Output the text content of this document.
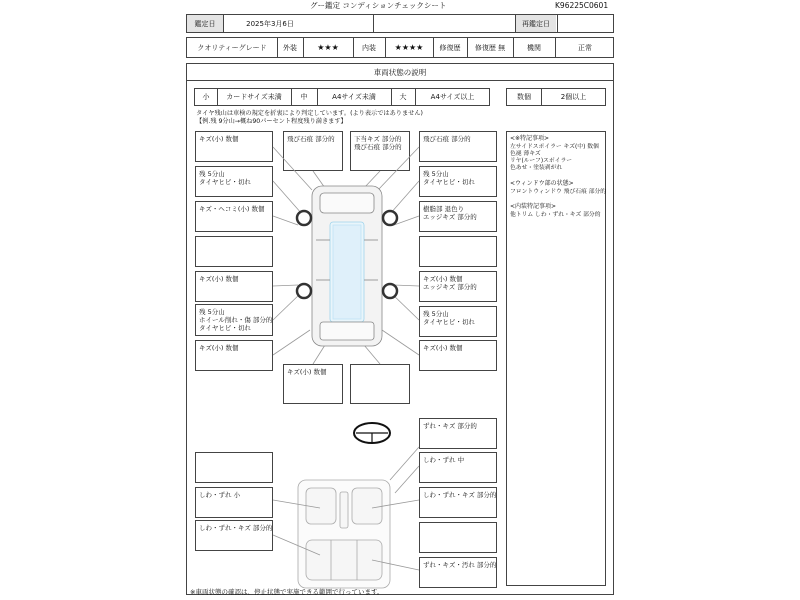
グー鑑定 コンディションチェックシート	K96225C0601
鑑定日	2025年3月6日	再鑑定日
クオリティーグレード	外装	★★★	内装	★★★★	修復歴	修復歴 無	機関	正常
車両状態の説明
小	カードサイズ未満	中	A4サイズ未満	大	A4サイズ以上	数個	2個以上
タイヤ残山は車検の規定を折衷により判定しています。(より表示ではありません)
【例.残 9分山→概ね90パーセント程度残り満きます】
キズ(小) 数個
残 5分山
タイヤヒビ・切れ
キズ・ヘコミ(小) 数個
キズ(小) 数個
残 5分山
ホイール削れ・傷 部分的
タイヤヒビ・切れ
キズ(小) 数個
飛び石痕 部分的	下当キズ 部分的
飛び石痕 部分的
飛び石痕 部分的
残 5分山
タイヤヒビ・切れ
樹脂部 退色り
エッジキズ 部分的
キズ(小) 数個
エッジキズ 部分的
残 5分山
タイヤヒビ・切れ
キズ(小) 数個
キズ(小) 数個
<※特記事項>
左サイドスポイラー キズ(中) 数個
色褪 薄キズ
リヤ(ルーフ)スポイラー
色あせ・塗装剥がれ
<ウィンドウ部の状態>
フロントウィンドウ 飛び石痕 部分的
<内装特記事項>
他トリム しわ・ずれ・キズ 部分的
しわ・ずれ 小
しわ・ずれ・キズ 部分的
ずれ・キズ 部分的
しわ・ずれ 中
しわ・ずれ・キズ 部分的
ずれ・キズ・汚れ 部分的
※車両状態の確認は、停止状態で実施できる範囲で行っています。
